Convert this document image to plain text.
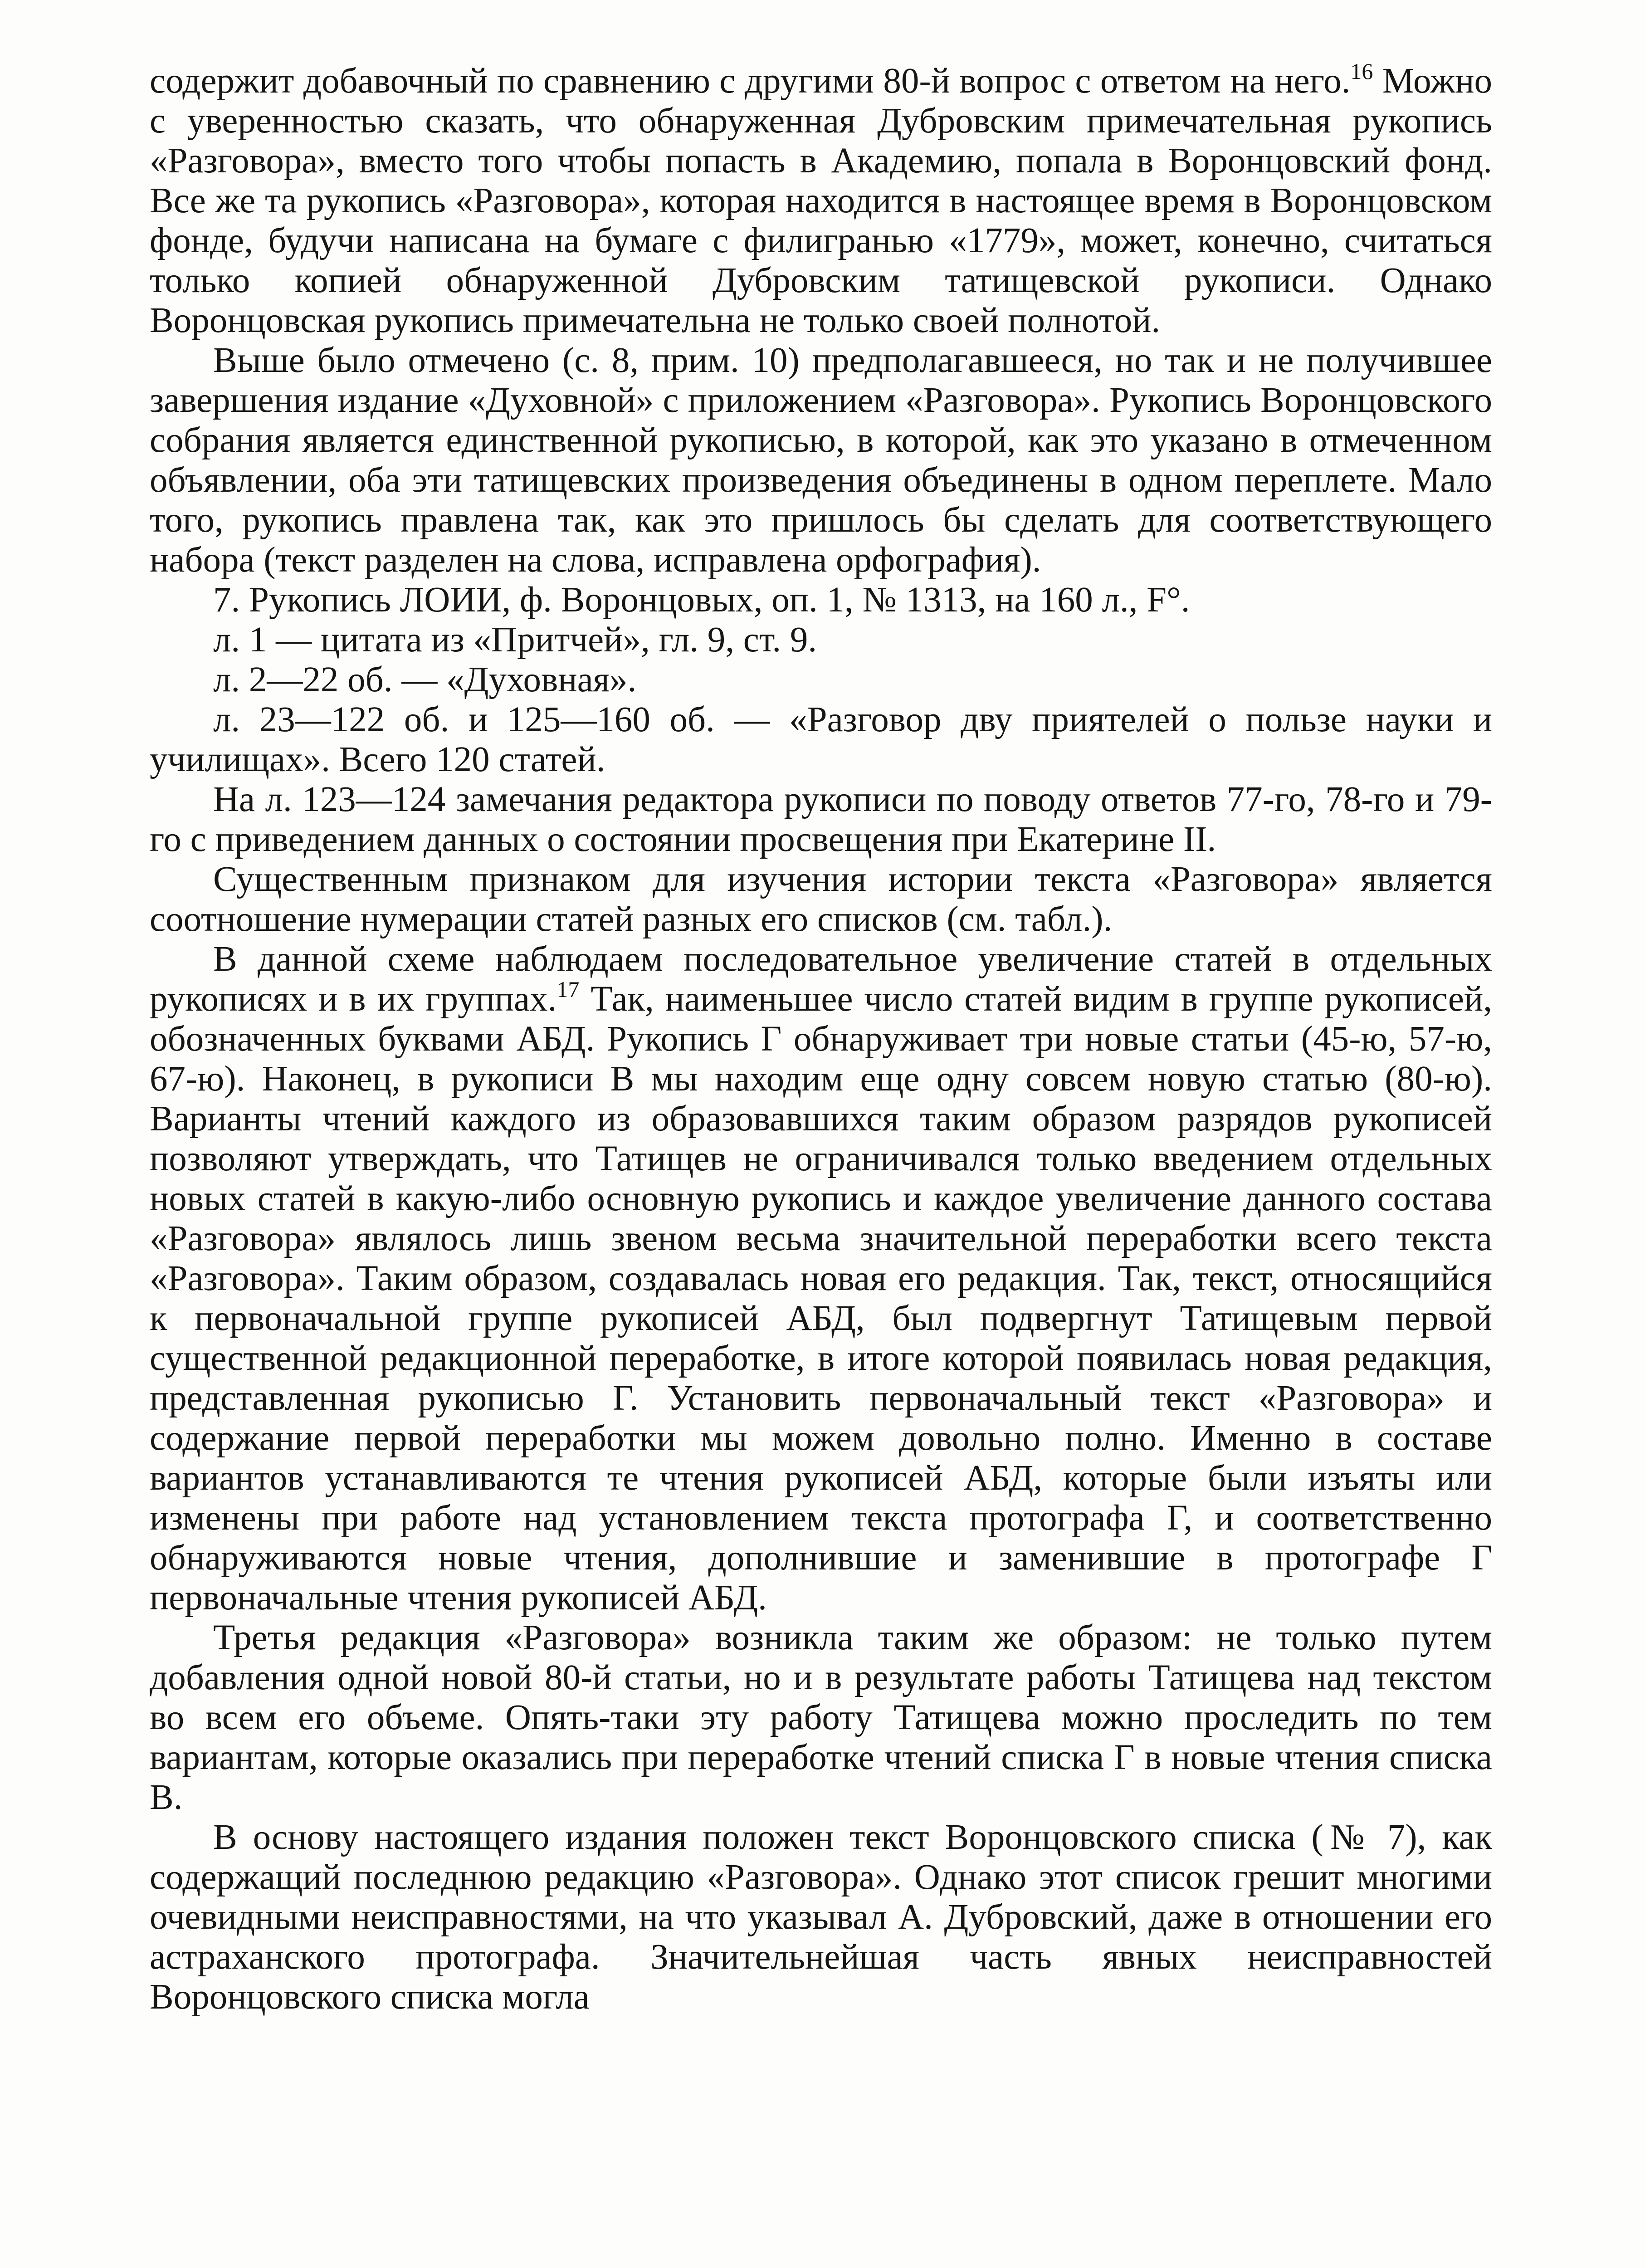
содержит добавочный по сравнению с другими 80-й вопрос с ответом на него.$^{16}$ Можно с уверенностью сказать, что обнаруженная Дубровским примечательная рукопись «Разговора», вместо того чтобы попасть в Академию, попала в Воронцовский фонд. Все же та рукопись «Разговора», которая находится в настоящее время в Воронцовском фонде, будучи написана на бумаге с филигранью «1779», может, конечно, считаться только копией обнаруженной Дубровским татищевской рукописи. Однако Воронцовская рукопись примечательна не только своей полнотой.

Выше было отмечено (с. 8, прим. 10) предполагавшееся, но так и не получившее завершения издание «Духовной» с приложением «Разговора». Рукопись Воронцовского собрания является единственной рукописью, в которой, как это указано в отмеченном объявлении, оба эти татищевских произведения объединены в одном переплете. Мало того, рукопись правлена так, как это пришлось бы сделать для соответствующего набора (текст разделен на слова, исправлена орфография).

7. Рукопись ЛОИИ, ф. Воронцовых, оп. 1, № 1313, на 160 л., F°.

л. 1 — цитата из «Притчей», гл. 9, ст. 9.

л. 2—22 об. — «Духовная».

л. 23—122 об. и 125—160 об. — «Разговор дву приятелей о пользе науки и училищах». Всего 120 статей.

На л. 123—124 замечания редактора рукописи по поводу ответов 77-го, 78-го и 79-го с приведением данных о состоянии просвещения при Екатерине II.

Существенным признаком для изучения истории текста «Разговора» является соотношение нумерации статей разных его списков (см. табл.).

В данной схеме наблюдаем последовательное увеличение статей в отдельных рукописях и в их группах.$^{17}$ Так, наименьшее число статей видим в группе рукописей, обозначенных буквами АБД. Рукопись Г обнаруживает три новые статьи (45-ю, 57-ю, 67-ю). Наконец, в рукописи В мы находим еще одну совсем новую статью (80-ю). Варианты чтений каждого из образовавшихся таким образом разрядов рукописей позволяют утверждать, что Татищев не ограничивался только введением отдельных новых статей в какую-либо основную рукопись и каждое увеличение данного состава «Разговора» являлось лишь звеном весьма значительной переработки всего текста «Разговора». Таким образом, создавалась новая его редакция. Так, текст, относящийся к первоначальной группе рукописей АБД, был подвергнут Татищевым первой существенной редакционной переработке, в итоге которой появилась новая редакция, представленная рукописью Г. Установить первоначальный текст «Разговора» и содержание первой переработки мы можем довольно полно. Именно в составе вариантов устанавливаются те чтения рукописей АБД, которые были изъяты или изменены при работе над установлением текста протографа Г, и соответственно обнаруживаются новые чтения, дополнившие и заменившие в протографе Г первоначальные чтения рукописей АБД.

Третья редакция «Разговора» возникла таким же образом: не только путем добавления одной новой 80-й статьи, но и в результате работы Татищева над текстом во всем его объеме. Опять-таки эту работу Татищева можно проследить по тем вариантам, которые оказались при переработке чтений списка Г в новые чтения списка В.

В основу настоящего издания положен текст Воронцовского списка (№ 7), как содержащий последнюю редакцию «Разговора». Однако этот список грешит многими очевидными неисправностями, на что указывал А. Дубровский, даже в отношении его астраханского протографа. Значительнейшая часть явных неисправностей Воронцовского списка могла
